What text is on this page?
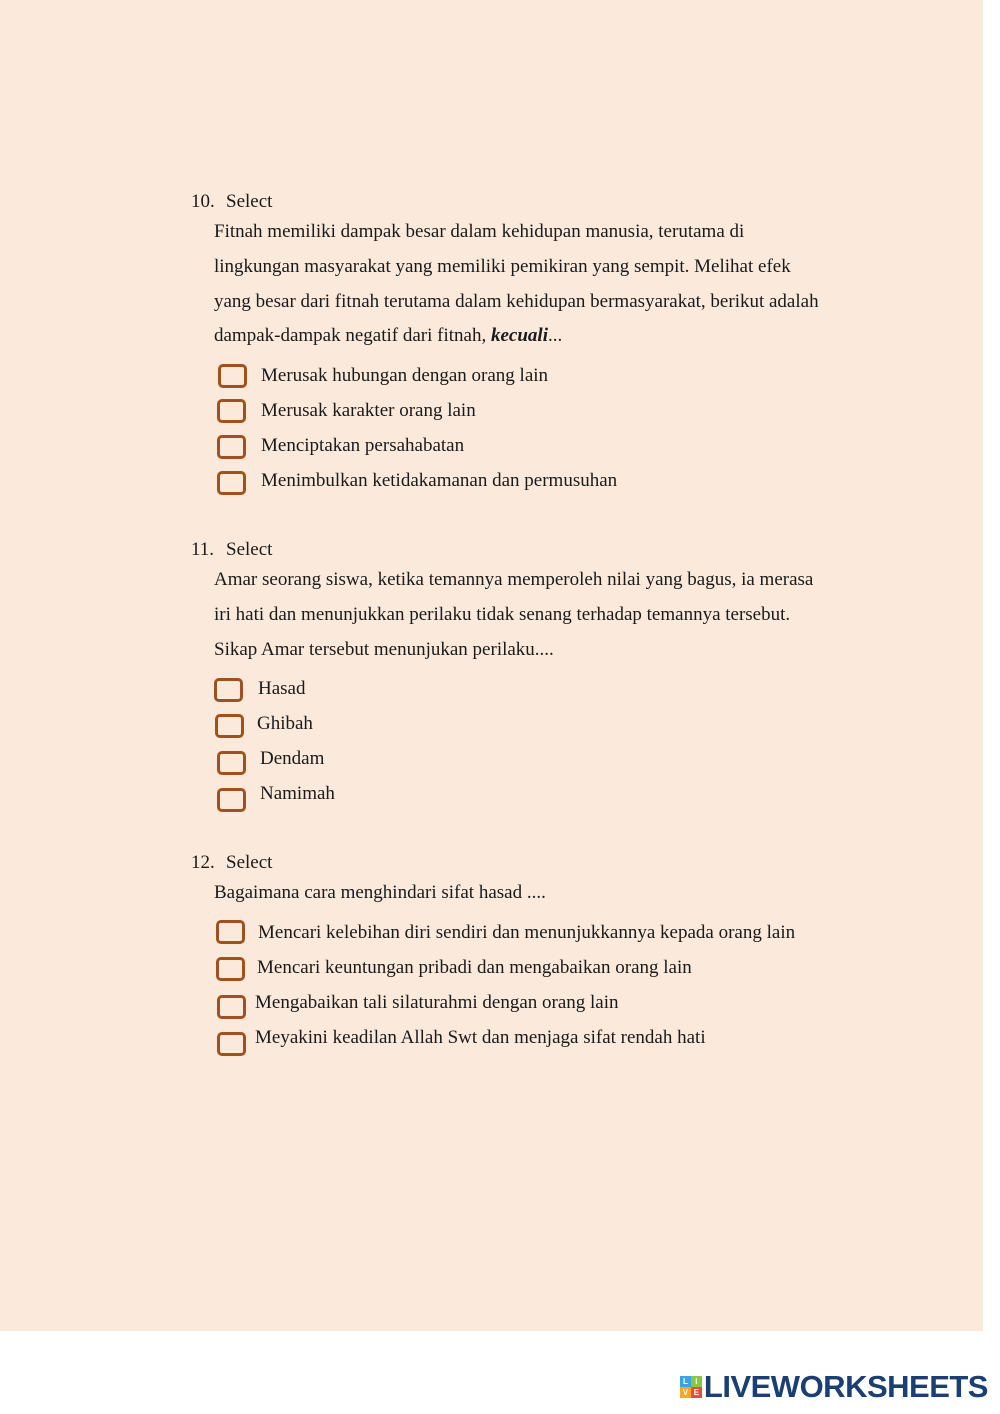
10. Select
Fitnah memiliki dampak besar dalam kehidupan manusia, terutama di
lingkungan masyarakat yang memiliki pemikiran yang sempit. Melihat efek
yang besar dari fitnah terutama dalam kehidupan bermasyarakat, berikut adalah
dampak-dampak negatif dari fitnah, kecuali...
Merusak hubungan dengan orang lain
Merusak karakter orang lain
Menciptakan persahabatan
Menimbulkan ketidakamanan dan permusuhan
11. Select
Amar seorang siswa, ketika temannya memperoleh nilai yang bagus, ia merasa
iri hati dan menunjukkan perilaku tidak senang terhadap temannya tersebut.
Sikap Amar tersebut menunjukan perilaku....
Hasad
Ghibah
Dendam
Namimah
12. Select
Bagaimana cara menghindari sifat hasad ....
Mencari kelebihan diri sendiri dan menunjukkannya kepada orang lain
Mencari keuntungan pribadi dan mengabaikan orang lain
Mengabaikan tali silaturahmi dengan orang lain
Meyakini keadilan Allah Swt dan menjaga sifat rendah hati
L I
V E LIVEWORKSHEETS
